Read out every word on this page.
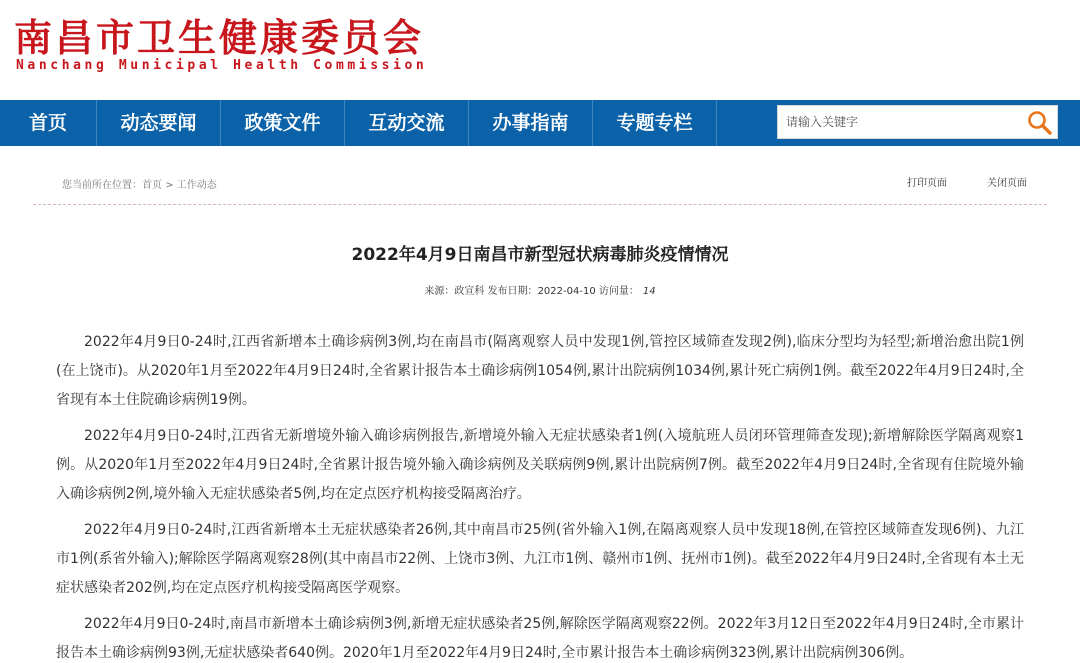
南昌市卫生健康委员会
Nanchang Municipal Health Commission
首页	动态要闻	政策文件	互动交流	办事指南	专题专栏
请输入关键字
您当前所在位置：首页 > 工作动态	打印页面	关闭页面
2022年4月9日南昌市新型冠状病毒肺炎疫情情况
来源：政宣科 发布日期：2022-04-10 访问量： 14

2022年4月9日0-24时,江西省新增本土确诊病例3例,均在南昌市(隔离观察人员中发现1例,管控区域筛查发现2例),临床分型均为轻型;新增治愈出院1例(在上饶市)。从2020年1月至2022年4月9日24时,全省累计报告本土确诊病例1054例,累计出院病例1034例,累计死亡病例1例。截至2022年4月9日24时,全省现有本土住院确诊病例19例。

2022年4月9日0-24时,江西省无新增境外输入确诊病例报告,新增境外输入无症状感染者1例(入境航班人员闭环管理筛查发现);新增解除医学隔离观察1例。从2020年1月至2022年4月9日24时,全省累计报告境外输入确诊病例及关联病例9例,累计出院病例7例。截至2022年4月9日24时,全省现有住院境外输入确诊病例2例,境外输入无症状感染者5例,均在定点医疗机构接受隔离治疗。

2022年4月9日0-24时,江西省新增本土无症状感染者26例,其中南昌市25例(省外输入1例,在隔离观察人员中发现18例,在管控区域筛查发现6例)、九江市1例(系省外输入);解除医学隔离观察28例(其中南昌市22例、上饶市3例、九江市1例、赣州市1例、抚州市1例)。截至2022年4月9日24时,全省现有本土无症状感染者202例,均在定点医疗机构接受隔离医学观察。

2022年4月9日0-24时,南昌市新增本土确诊病例3例,新增无症状感染者25例,解除医学隔离观察22例。2022年3月12日至2022年4月9日24时,全市累计报告本土确诊病例93例,无症状感染者640例。2020年1月至2022年4月9日24时,全市累计报告本土确诊病例323例,累计出院病例306例。
